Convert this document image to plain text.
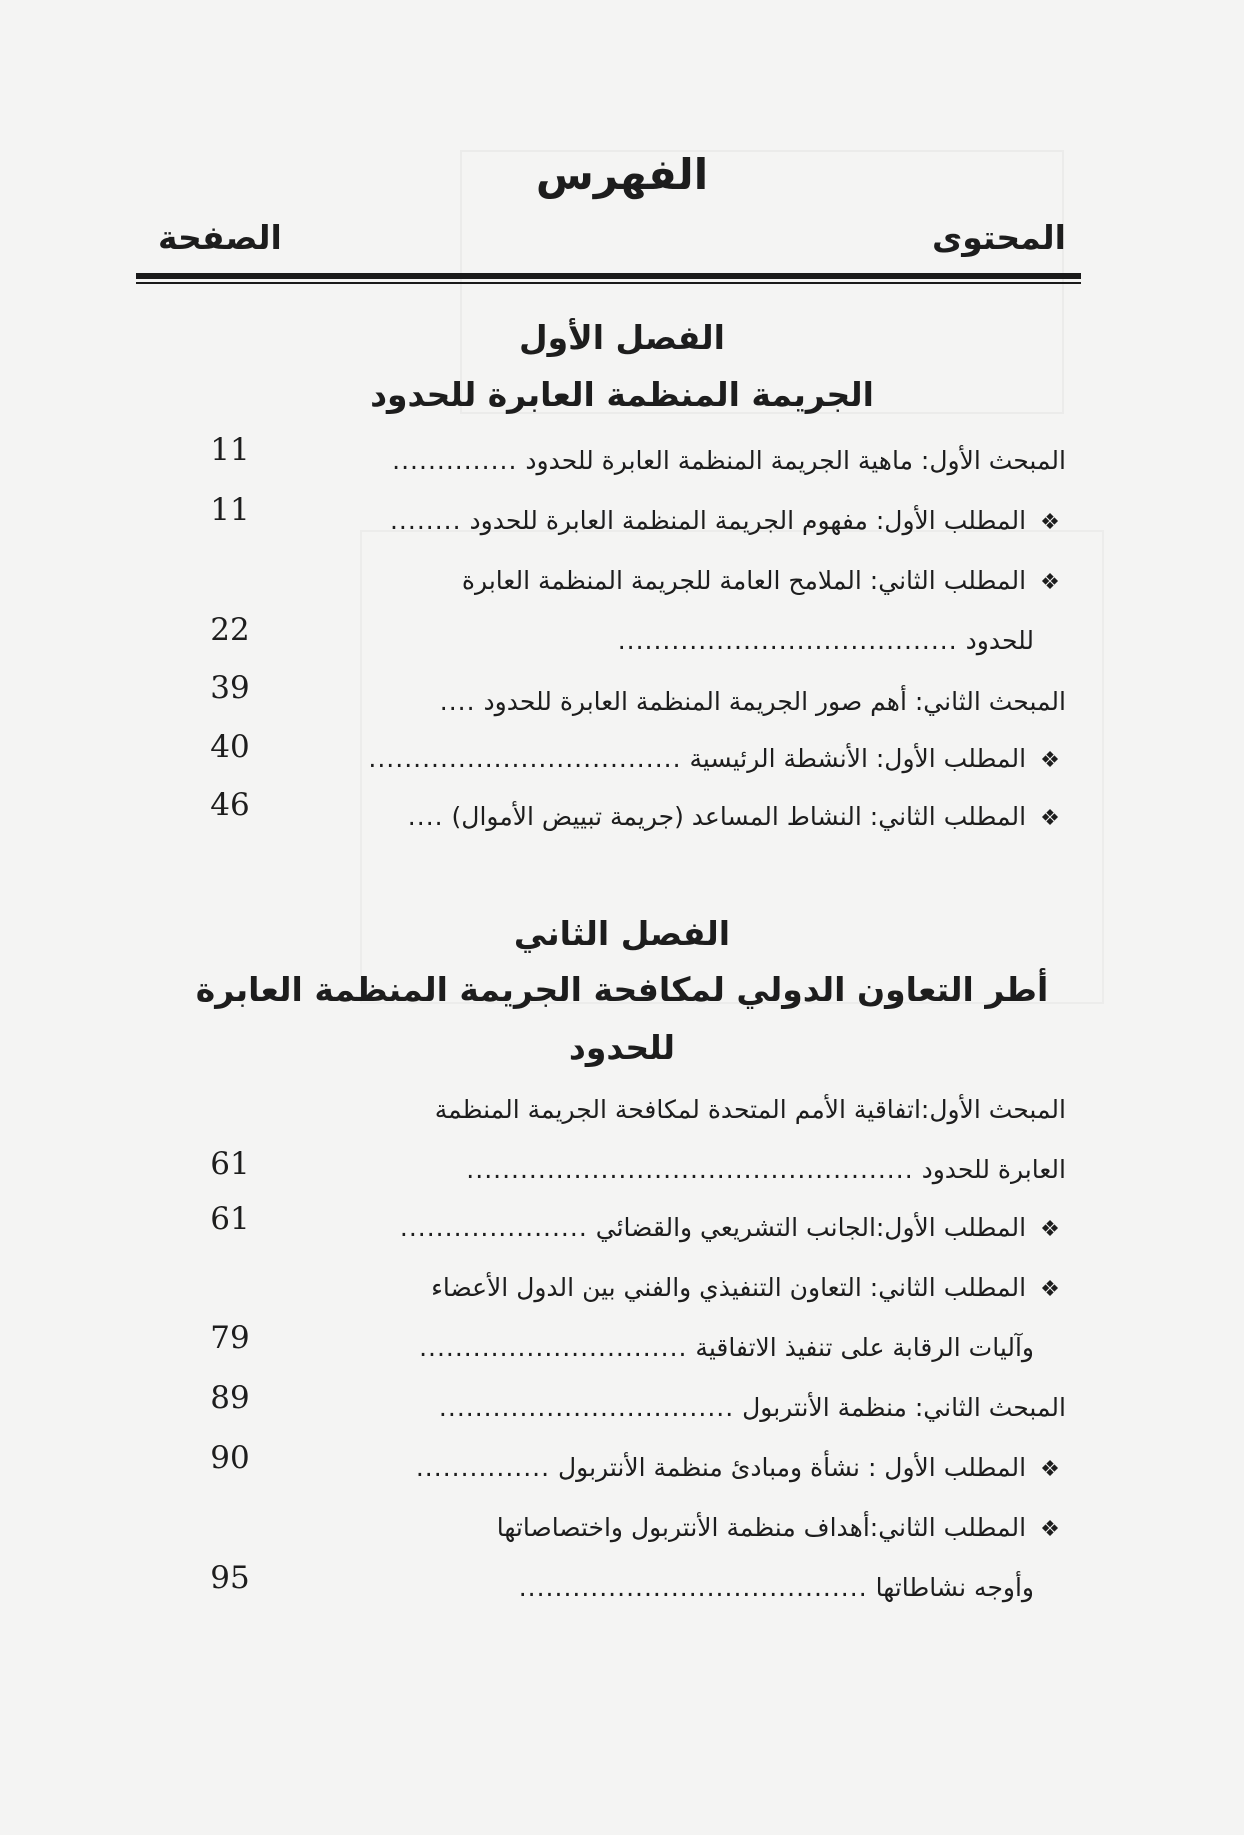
الفهرس
المحتوى
الصفحة
الفصل الأول
الجريمة المنظمة العابرة للحدود
المبحث الأول: ماهية الجريمة المنظمة العابرة للحدود ..............
11
❖ المطلب الأول: مفهوم الجريمة المنظمة العابرة للحدود ........
11
❖ المطلب الثاني: الملامح العامة للجريمة المنظمة العابرة
للحدود ......................................
22
المبحث الثاني: أهم صور الجريمة المنظمة العابرة للحدود ....
39
❖ المطلب الأول: الأنشطة الرئيسية ...................................
40
❖ المطلب الثاني: النشاط المساعد (جريمة تبييض الأموال) ....
46
الفصل الثاني
أطر التعاون الدولي لمكافحة الجريمة المنظمة العابرة
للحدود
المبحث الأول:اتفاقية الأمم المتحدة لمكافحة الجريمة المنظمة
العابرة للحدود ..................................................
61
❖ المطلب الأول:الجانب التشريعي والقضائي .....................
61
❖ المطلب الثاني: التعاون التنفيذي والفني بين الدول الأعضاء
وآليات الرقابة على تنفيذ الاتفاقية ..............................
79
المبحث الثاني: منظمة الأنتربول .................................
89
❖ المطلب الأول : نشأة ومبادئ منظمة الأنتربول ...............
90
❖ المطلب الثاني:أهداف منظمة الأنتربول واختصاصاتها
وأوجه نشاطاتها .......................................
95
